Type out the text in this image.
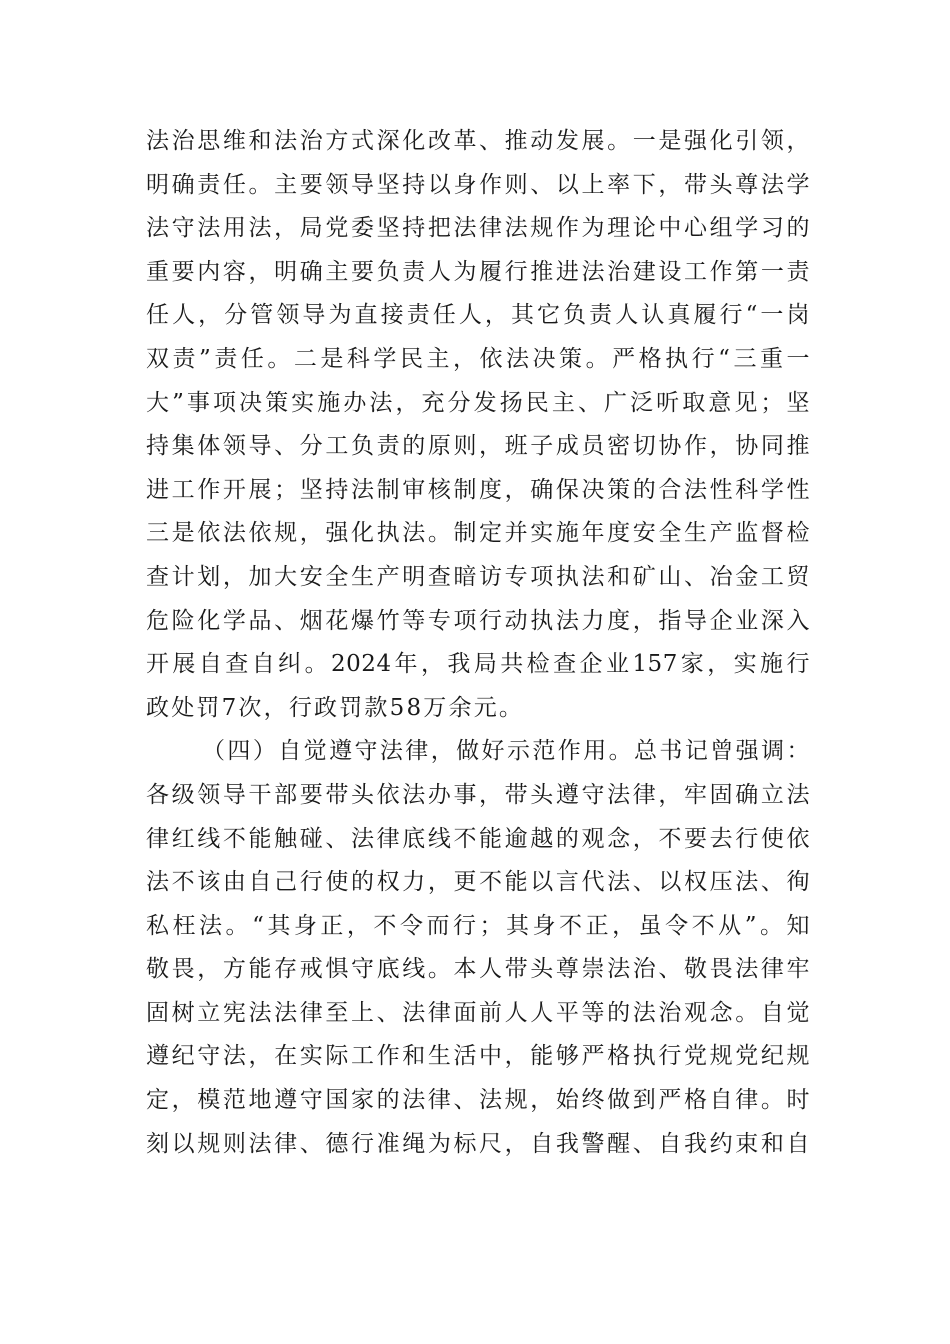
法治思维和法治方式深化改革、推动发展。一是强化引领，
明确责任。主要领导坚持以身作则、以上率下，带头尊法学
法守法用法，局党委坚持把法律法规作为理论中心组学习的
重要内容，明确主要负责人为履行推进法治建设工作第一责
任人，分管领导为直接责任人，其它负责人认真履行“一岗
双责”责任。二是科学民主，依法决策。严格执行“三重一
大”事项决策实施办法，充分发扬民主、广泛听取意见；坚
持集体领导、分工负责的原则，班子成员密切协作，协同推
进工作开展；坚持法制审核制度，确保决策的合法性科学性
三是依法依规，强化执法。制定并实施年度安全生产监督检
查计划，加大安全生产明查暗访专项执法和矿山、冶金工贸
危险化学品、烟花爆竹等专项行动执法力度，指导企业深入
开展自查自纠。2024年，我局共检查企业157家，实施行
政处罚7次，行政罚款58万余元。
（四）自觉遵守法律，做好示范作用。总书记曾强调：
各级领导干部要带头依法办事，带头遵守法律，牢固确立法
律红线不能触碰、法律底线不能逾越的观念，不要去行使依
法不该由自己行使的权力，更不能以言代法、以权压法、徇
私枉法。“其身正，不令而行；其身不正，虽令不从”。知
敬畏，方能存戒惧守底线。本人带头尊崇法治、敬畏法律牢
固树立宪法法律至上、法律面前人人平等的法治观念。自觉
遵纪守法，在实际工作和生活中，能够严格执行党规党纪规
定，模范地遵守国家的法律、法规，始终做到严格自律。时
刻以规则法律、德行准绳为标尺，自我警醒、自我约束和自
